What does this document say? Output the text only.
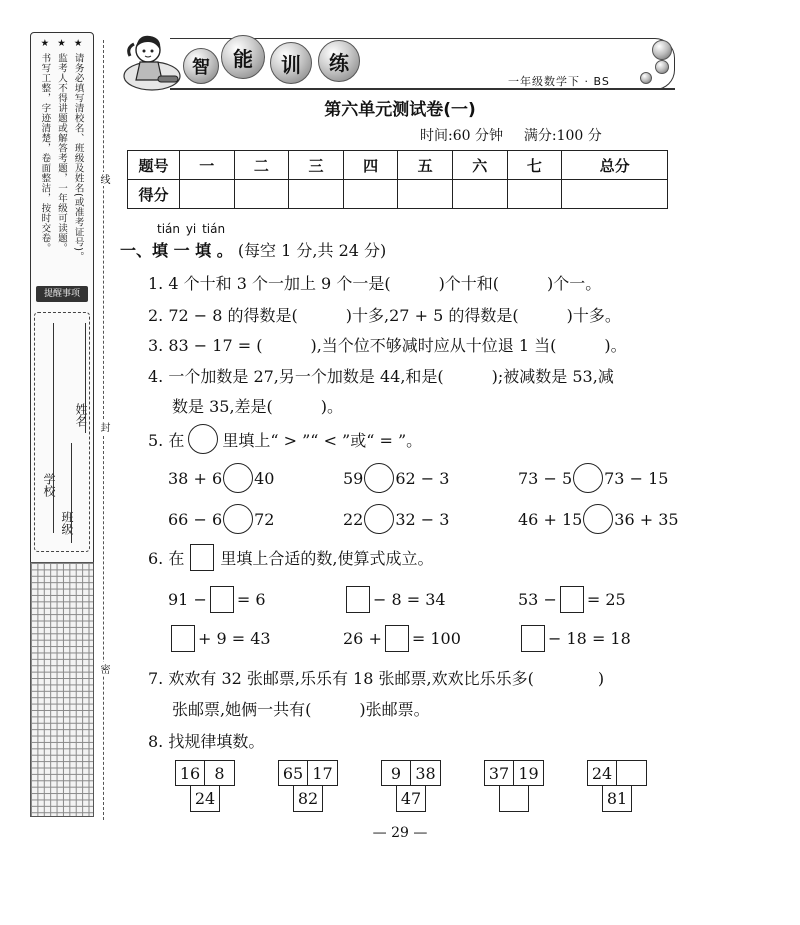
★ 请务必填写清校名、班级及姓名(或准考证号)。
★ 监考人不得讲题或解答考题，一年级可读题。
★ 书写工整，字迹清楚，卷面整洁，按时交卷。
提醒事项
学校
班级
姓名
线
封
密
智	能	训	练
一年级数学下 · BS
第六单元测试卷(一)
时间:60 分钟 满分:100 分
题号	一	二	三	四	五	六	七	总分
得分								
tián yi tián
一、填 一 填 。 (每空 1 分,共 24 分)
1. 4 个十和 3 个一加上 9 个一是(　　　)个十和(　　　)个一。
2. 72 − 8 的得数是(　　　)十多,27 + 5 的得数是(　　　)十多。
3. 83 − 17 = (　　　),当个位不够减时应从十位退 1 当(　　　)。
4. 一个加数是 27,另一个加数是 44,和是(　　　);被减数是 53,减
数是 35,差是(　　　)。
5. 在 里填上“ > ”“ < ”或“ = ”。
38 + 6 40	59 62 − 3	73 − 5 73 − 15
66 − 6 72	22 32 − 3	46 + 15 36 + 35
6. 在 里填上合适的数,使算式成立。
91 − = 6	− 8 = 34	53 − = 25
+ 9 = 43	26 + = 100	− 18 = 18
7. 欢欢有 32 张邮票,乐乐有 18 张邮票,欢欢比乐乐多(　　　　)
张邮票,她俩一共有(　　　)张邮票。
8. 找规律填数。
16 8
24
65 17
82
9 38
47
37 19	24
81
— 29 —
